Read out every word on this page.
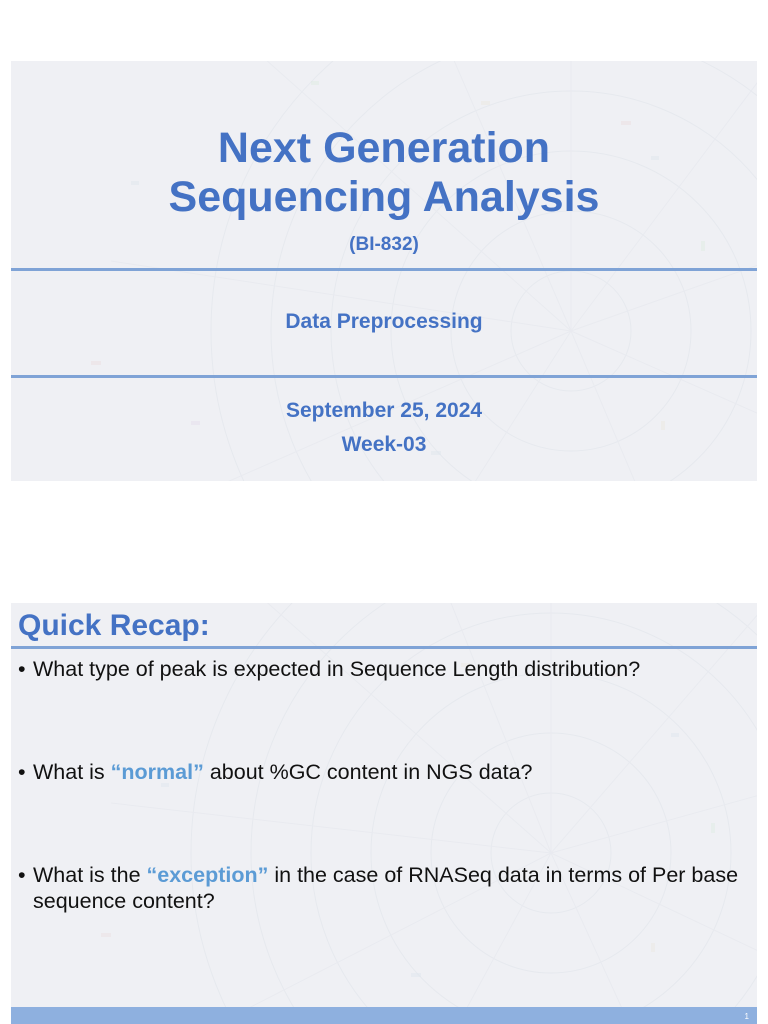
Next Generation
Sequencing Analysis
(BI-832)
Data Preprocessing
September 25, 2024
Week-03
Quick Recap:
• What type of peak is expected in Sequence Length distribution?
• What is “normal” about %GC content in NGS data?
• What is the “exception” in the case of RNASeq data in terms of Per base sequence content?
1
